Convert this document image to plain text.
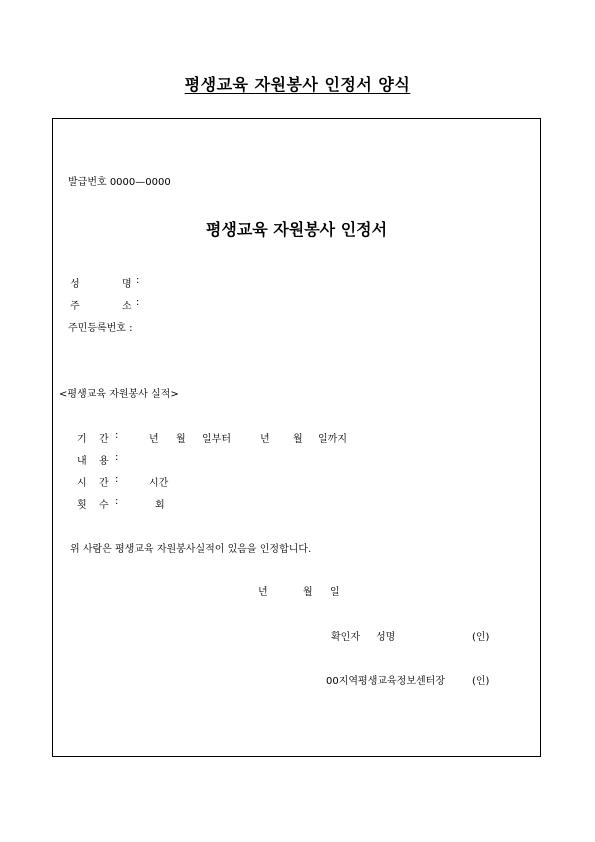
평생교육 자원봉사 인정서 양식
발급번호 0000—0000
평생교육 자원봉사 인정서
성	명 :
주	소 :
주민등록번호 :
<평생교육 자원봉사 실적>
기 간 :	년 월 일부터	년 월 일까지
내 용 :
시 간 :	시간
횟 수 :	회
위 사람은 평생교육 자원봉사실적이 있음을 인정합니다.
년	월 일
확인자 성명	(인)
00지역평생교육정보센터장	(인)
